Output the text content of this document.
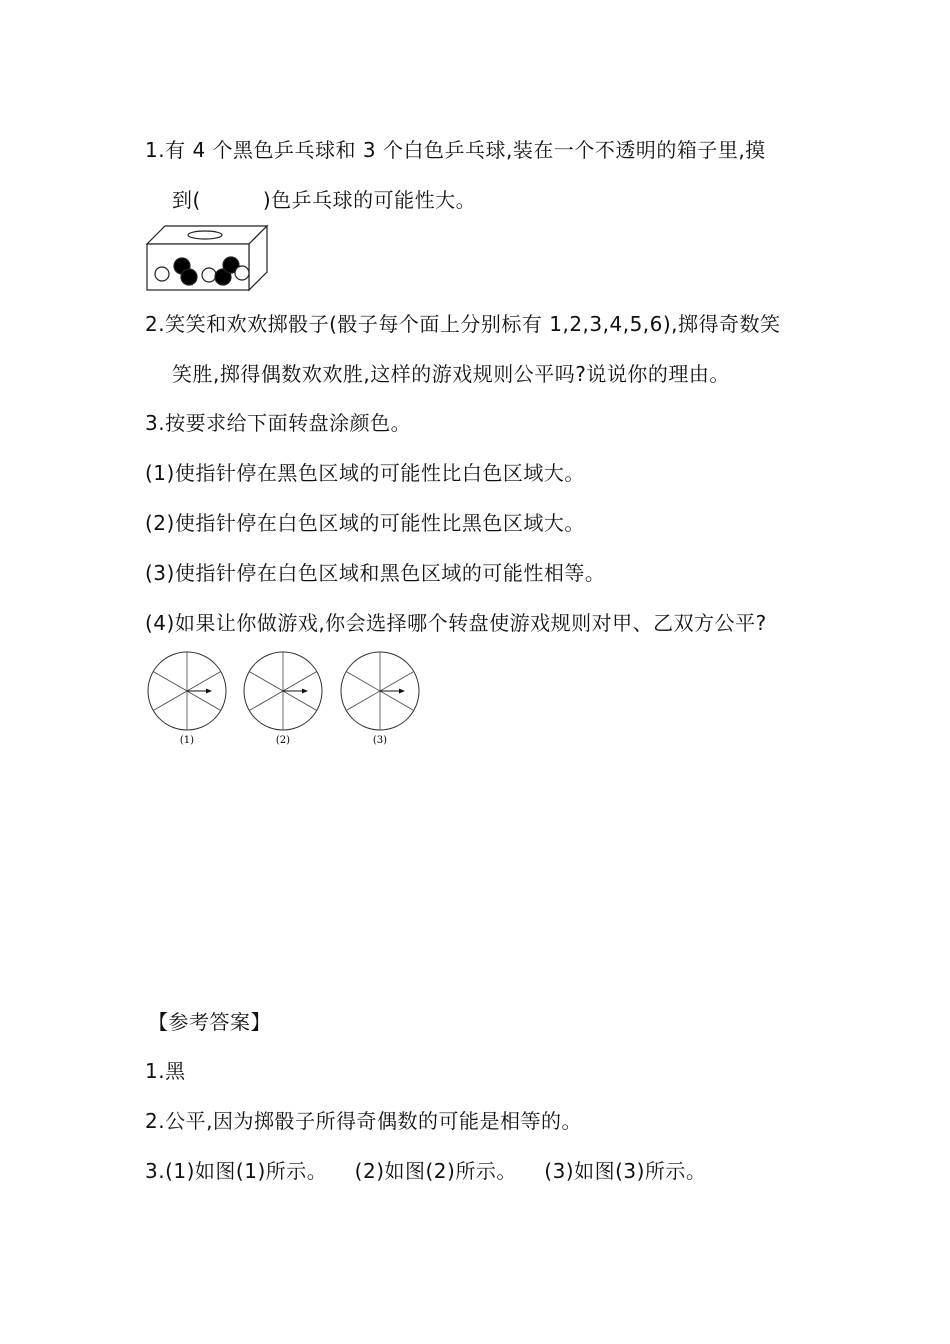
1.有 4 个黑色乒乓球和 3 个白色乒乓球,装在一个不透明的箱子里,摸
到(	)色乒乓球的可能性大。
2.笑笑和欢欢掷骰子(骰子每个面上分别标有 1,2,3,4,5,6),掷得奇数笑
笑胜,掷得偶数欢欢胜,这样的游戏规则公平吗?说说你的理由。
3.按要求给下面转盘涂颜色。
(1)使指针停在黑色区域的可能性比白色区域大。
(2)使指针停在白色区域的可能性比黑色区域大。
(3)使指针停在白色区域和黑色区域的可能性相等。
(4)如果让你做游戏,你会选择哪个转盘使游戏规则对甲、乙双方公平?
(1)	(2)	(3)
【参考答案】
1.黑
2.公平,因为掷骰子所得奇偶数的可能是相等的。
3.(1)如图(1)所示。    (2)如图(2)所示。    (3)如图(3)所示。
